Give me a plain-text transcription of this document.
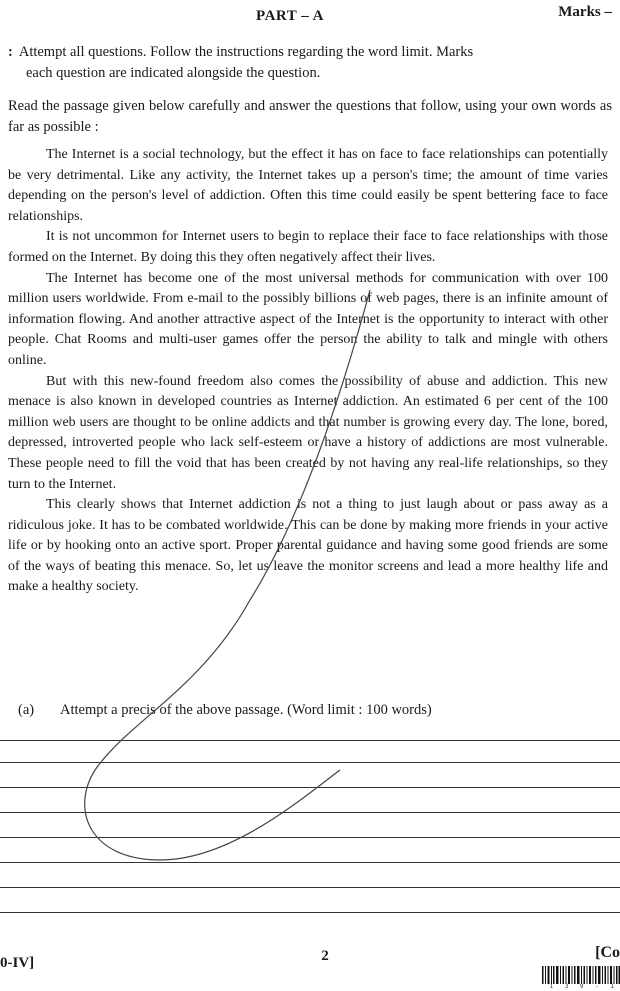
PART – A	Marks –
: Attempt all questions. Follow the instructions regarding the word limit. Marks
each question are indicated alongside the question.
Read the passage given below carefully and answer the questions that follow, using your own words as far as possible :

The Internet is a social technology, but the effect it has on face to face relationships can potentially be very detrimental. Like any activity, the Internet takes up a person's time; the amount of time varies depending on the person's level of addiction. Often this time could easily be spent bettering face to face relationships.

It is not uncommon for Internet users to begin to replace their face to face relationships with those formed on the Internet. By doing this they often negatively affect their lives.

The Internet has become one of the most universal methods for communication with over 100 million users worldwide. From e-mail to the possibly billions of web pages, there is an infinite amount of information flowing. And another attractive aspect of the Internet is the opportunity to interact with other people. Chat Rooms and multi-user games offer the person the ability to talk and mingle with others online.

But with this new-found freedom also comes the possibility of abuse and addiction. This new menace is also known in developed countries as Internet addiction. An estimated 6 per cent of the 100 million web users are thought to be online addicts and that number is growing every day. The lone, bored, depressed, introverted people who lack self-esteem or have a history of addictions are most vulnerable. These people need to fill the void that has been created by not having any real-life relationships, so they turn to the Internet.

This clearly shows that Internet addiction is not a thing to just laugh about or pass away as a ridiculous joke. It has to be combated worldwide. This can be done by making more friends in your active life or by hooking onto an active sport. Proper parental guidance and having some good friends are some of the ways of beating this menace. So, let us leave the monitor screens and lead a more healthy life and make a healthy society.

(a) Attempt a precis of the above passage. (Word limit : 100 words)
0-IV]	2	[Co
1 3 9 - 1
